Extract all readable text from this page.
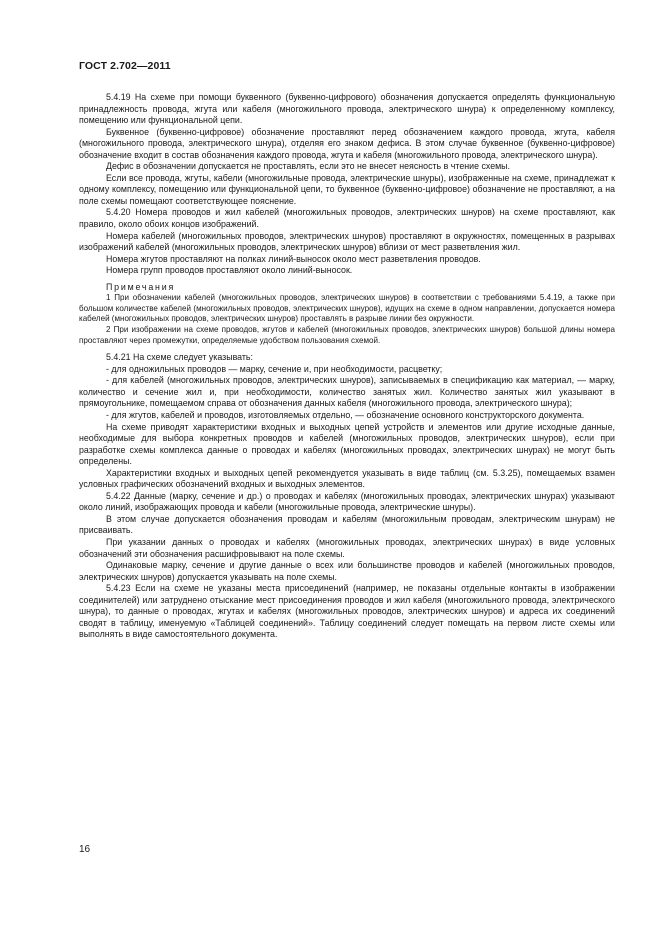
ГОСТ 2.702—2011

5.4.19 На схеме при помощи буквенного (буквенно-цифрового) обозначения допускается определять функциональную принадлежность провода, жгута или кабеля (многожильного провода, электрического шнура) к определенному комплексу, помещению или функциональной цепи.

Буквенное (буквенно-цифровое) обозначение проставляют перед обозначением каждого провода, жгута, кабеля (многожильного провода, электрического шнура), отделяя его знаком дефиса. В этом случае буквенное (буквенно-цифровое) обозначение входит в состав обозначения каждого провода, жгута и кабеля (многожильного провода, электрического шнура).

Дефис в обозначении допускается не проставлять, если это не внесет неясность в чтение схемы.

Если все провода, жгуты, кабели (многожильные провода, электрические шнуры), изображенные на схеме, принадлежат к одному комплексу, помещению или функциональной цепи, то буквенное (буквенно-цифровое) обозначение не проставляют, а на поле схемы помещают соответствующее пояснение.

5.4.20 Номера проводов и жил кабелей (многожильных проводов, электрических шнуров) на схеме проставляют, как правило, около обоих концов изображений.

Номера кабелей (многожильных проводов, электрических шнуров) проставляют в окружностях, помещенных в разрывах изображений кабелей (многожильных проводов, электрических шнуров) вблизи от мест разветвления жил.

Номера жгутов проставляют на полках линий-выносок около мест разветвления проводов.

Номера групп проводов проставляют около линий-выносок.

Примечания

1 При обозначении кабелей (многожильных проводов, электрических шнуров) в соответствии с требованиями 5.4.19, а также при большом количестве кабелей (многожильных проводов, электрических шнуров), идущих на схеме в одном направлении, допускается номера кабелей (многожильных проводов, электрических шнуров) проставлять в разрыве линии без окружности.

2 При изображении на схеме проводов, жгутов и кабелей (многожильных проводов, электрических шнуров) большой длины номера проставляют через промежутки, определяемые удобством пользования схемой.

5.4.21 На схеме следует указывать:

- для одножильных проводов — марку, сечение и, при необходимости, расцветку;

- для кабелей (многожильных проводов, электрических шнуров), записываемых в спецификацию как материал, — марку, количество и сечение жил и, при необходимости, количество занятых жил. Количество занятых жил указывают в прямоугольнике, помещаемом справа от обозначения данных кабеля (многожильного провода, электрического шнура);

- для жгутов, кабелей и проводов, изготовляемых отдельно, — обозначение основного конструкторского документа.

На схеме приводят характеристики входных и выходных цепей устройств и элементов или другие исходные данные, необходимые для выбора конкретных проводов и кабелей (многожильных проводов, электрических шнуров), если при разработке схемы комплекса данные о проводах и кабелях (многожильных проводах, электрических шнурах) не могут быть определены.

Характеристики входных и выходных цепей рекомендуется указывать в виде таблиц (см. 5.3.25), помещаемых взамен условных графических обозначений входных и выходных элементов.

5.4.22 Данные (марку, сечение и др.) о проводах и кабелях (многожильных проводах, электрических шнурах) указывают около линий, изображающих провода и кабели (многожильные провода, электрические шнуры).

В этом случае допускается обозначения проводам и кабелям (многожильным проводам, электрическим шнурам) не присваивать.

При указании данных о проводах и кабелях (многожильных проводах, электрических шнурах) в виде условных обозначений эти обозначения расшифровывают на поле схемы.

Одинаковые марку, сечение и другие данные о всех или большинстве проводов и кабелей (многожильных проводов, электрических шнуров) допускается указывать на поле схемы.

5.4.23 Если на схеме не указаны места присоединений (например, не показаны отдельные контакты в изображении соединителей) или затруднено отыскание мест присоединения проводов и жил кабеля (многожильного провода, электрического шнура), то данные о проводах, жгутах и кабелях (многожильных проводов, электрических шнуров) и адреса их соединений сводят в таблицу, именуемую «Таблицей соединений». Таблицу соединений следует помещать на первом листе схемы или выполнять в виде самостоятельного документа.

16
